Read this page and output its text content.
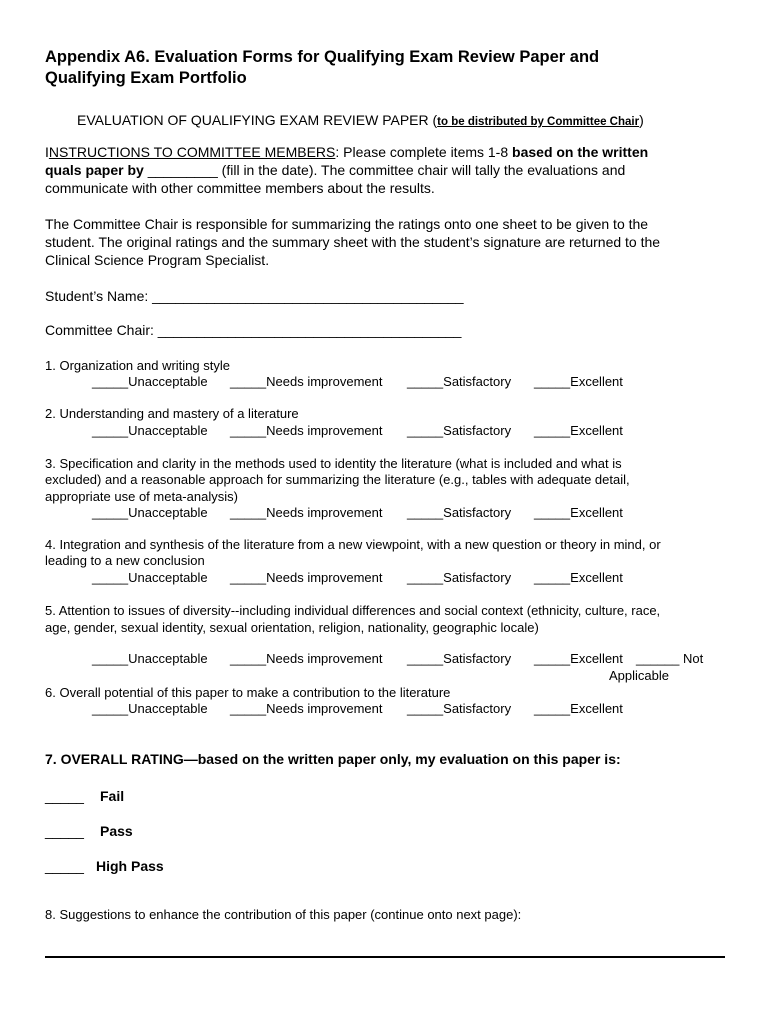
Appendix A6. Evaluation Forms for Qualifying Exam Review Paper and
Qualifying Exam Portfolio
EVALUATION OF QUALIFYING EXAM REVIEW PAPER (to be distributed by Committee Chair)
INSTRUCTIONS TO COMMITTEE MEMBERS: Please complete items 1-8 based on the written
quals paper by _________ (fill in the date). The committee chair will tally the evaluations and
communicate with other committee members about the results.
The Committee Chair is responsible for summarizing the ratings onto one sheet to be given to the
student. The original ratings and the summary sheet with the student’s signature are returned to the
Clinical Science Program Specialist.
Student’s Name: ________________________________________
Committee Chair: _______________________________________
1. Organization and writing style
_____Unacceptable _____Needs improvement _____Satisfactory _____Excellent
2. Understanding and mastery of a literature
_____Unacceptable _____Needs improvement _____Satisfactory _____Excellent
3. Specification and clarity in the methods used to identity the literature (what is included and what is
excluded) and a reasonable approach for summarizing the literature (e.g., tables with adequate detail,
appropriate use of meta-analysis)
_____Unacceptable _____Needs improvement _____Satisfactory _____Excellent
4. Integration and synthesis of the literature from a new viewpoint, with a new question or theory in mind, or
leading to a new conclusion
_____Unacceptable _____Needs improvement _____Satisfactory _____Excellent
5. Attention to issues of diversity--including individual differences and social context (ethnicity, culture, race,
age, gender, sexual identity, sexual orientation, religion, nationality, geographic locale)
_____Unacceptable _____Needs improvement _____Satisfactory _____Excellent ______ Not
Applicable
6. Overall potential of this paper to make a contribution to the literature
_____Unacceptable _____Needs improvement _____Satisfactory _____Excellent
7. OVERALL RATING—based on the written paper only, my evaluation on this paper is:
_____ Fail
_____ Pass
_____ High Pass
8. Suggestions to enhance the contribution of this paper (continue onto next page):
